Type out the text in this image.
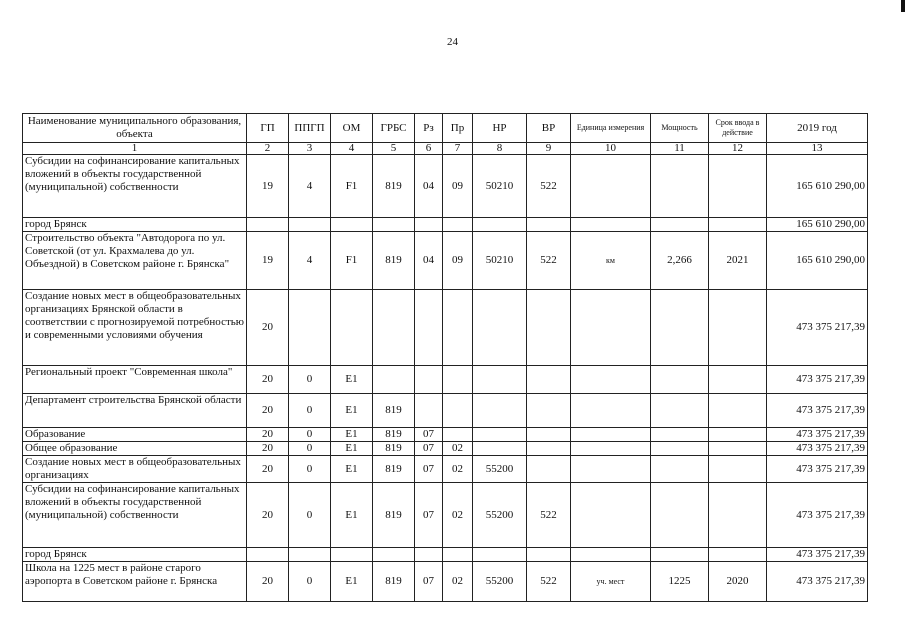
24
Наименование муниципального образования, объекта	ГП	ППГП	ОМ	ГРБС	Рз	Пр	НР	ВР	Единица измерения	Мощность	Срок ввода в действие	2019 год
1	2	3	4	5	6	7	8	9	10	11	12	13
Субсидии на софинансирование капитальных вложений в объекты государственной (муниципальной) собственности	19	4	F1	819	04	09	50210	522				165 610 290,00
город Брянск												165 610 290,00
Строительство объекта "Автодорога по ул. Советской (от ул. Крахмалева до ул. Объездной) в Советском районе г. Брянска"	19	4	F1	819	04	09	50210	522	км	2,266	2021	165 610 290,00
Создание новых мест в общеобразовательных организациях Брянской области в соответствии с прогнозируемой потребностью и современными условиями обучения	20											473 375 217,39
Региональный проект "Современная школа"	20	0	E1									473 375 217,39
Департамент строительства Брянской области	20	0	E1	819								473 375 217,39
Образование	20	0	E1	819	07							473 375 217,39
Общее образование	20	0	E1	819	07	02						473 375 217,39
Создание новых мест в общеобразовательных организациях	20	0	E1	819	07	02	55200					473 375 217,39
Субсидии на софинансирование капитальных вложений в объекты государственной (муниципальной) собственности	20	0	E1	819	07	02	55200	522				473 375 217,39
город Брянск												473 375 217,39
Школа на 1225 мест в районе старого аэропорта в Советском районе г. Брянска	20	0	E1	819	07	02	55200	522	уч. мест	1225	2020	473 375 217,39
